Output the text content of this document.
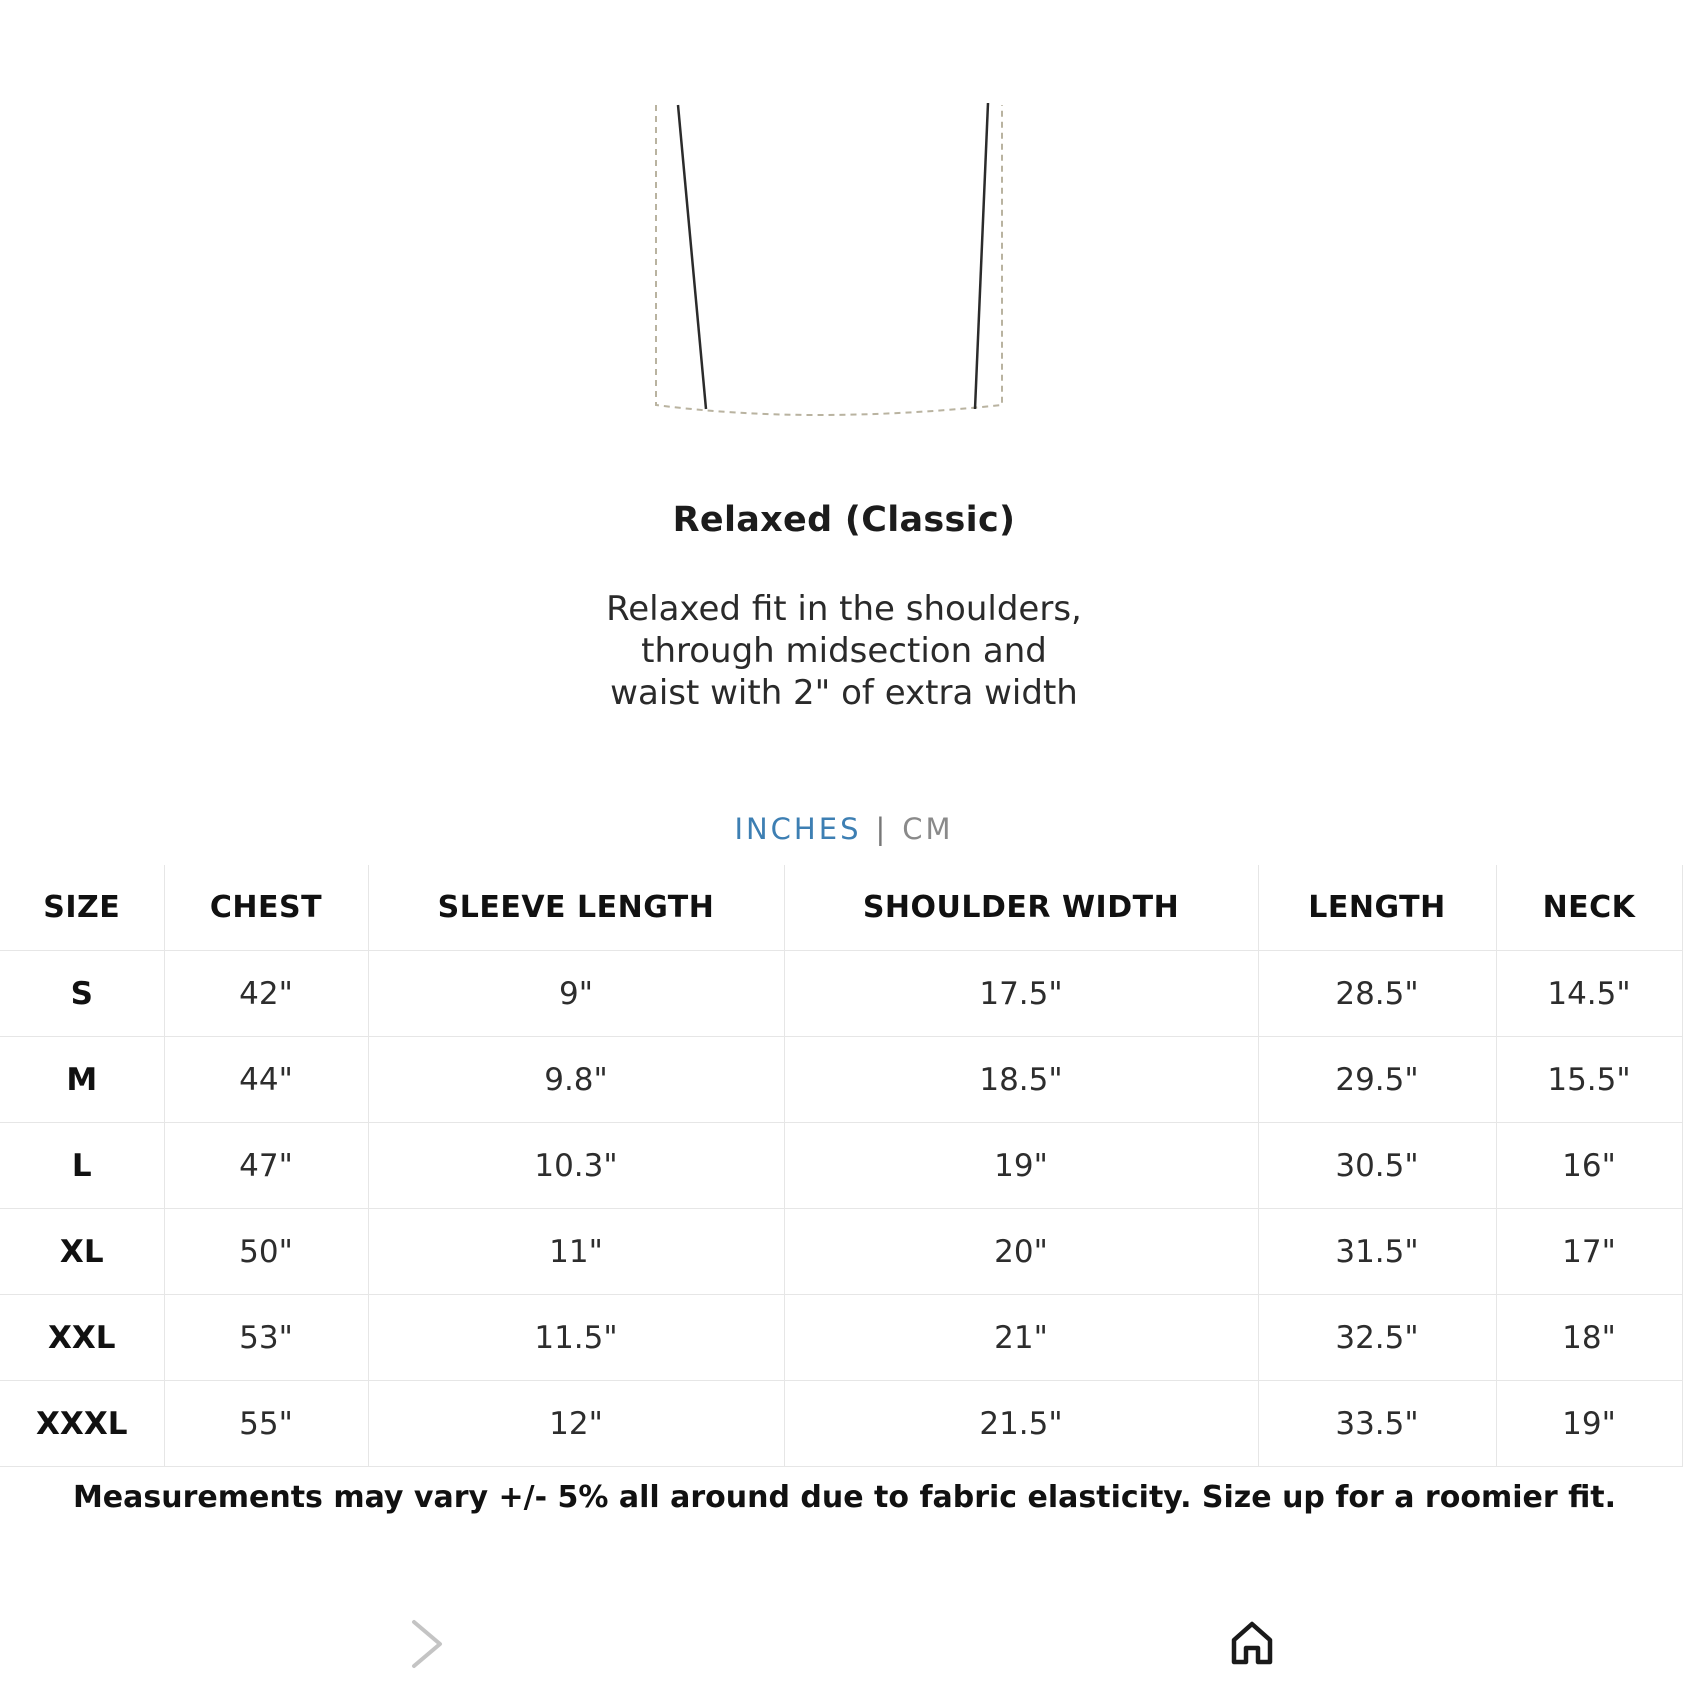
Relaxed (Classic)
Relaxed fit in the shoulders, through midsection and waist with 2" of extra width
INCHES | CM
SIZE	CHEST	SLEEVE LENGTH	SHOULDER WIDTH	LENGTH	NECK
S	42"	9"	17.5"	28.5"	14.5"
M	44"	9.8"	18.5"	29.5"	15.5"
L	47"	10.3"	19"	30.5"	16"
XL	50"	11"	20"	31.5"	17"
XXL	53"	11.5"	21"	32.5"	18"
XXXL	55"	12"	21.5"	33.5"	19"
Measurements may vary +/- 5% all around due to fabric elasticity. Size up for a roomier fit.
